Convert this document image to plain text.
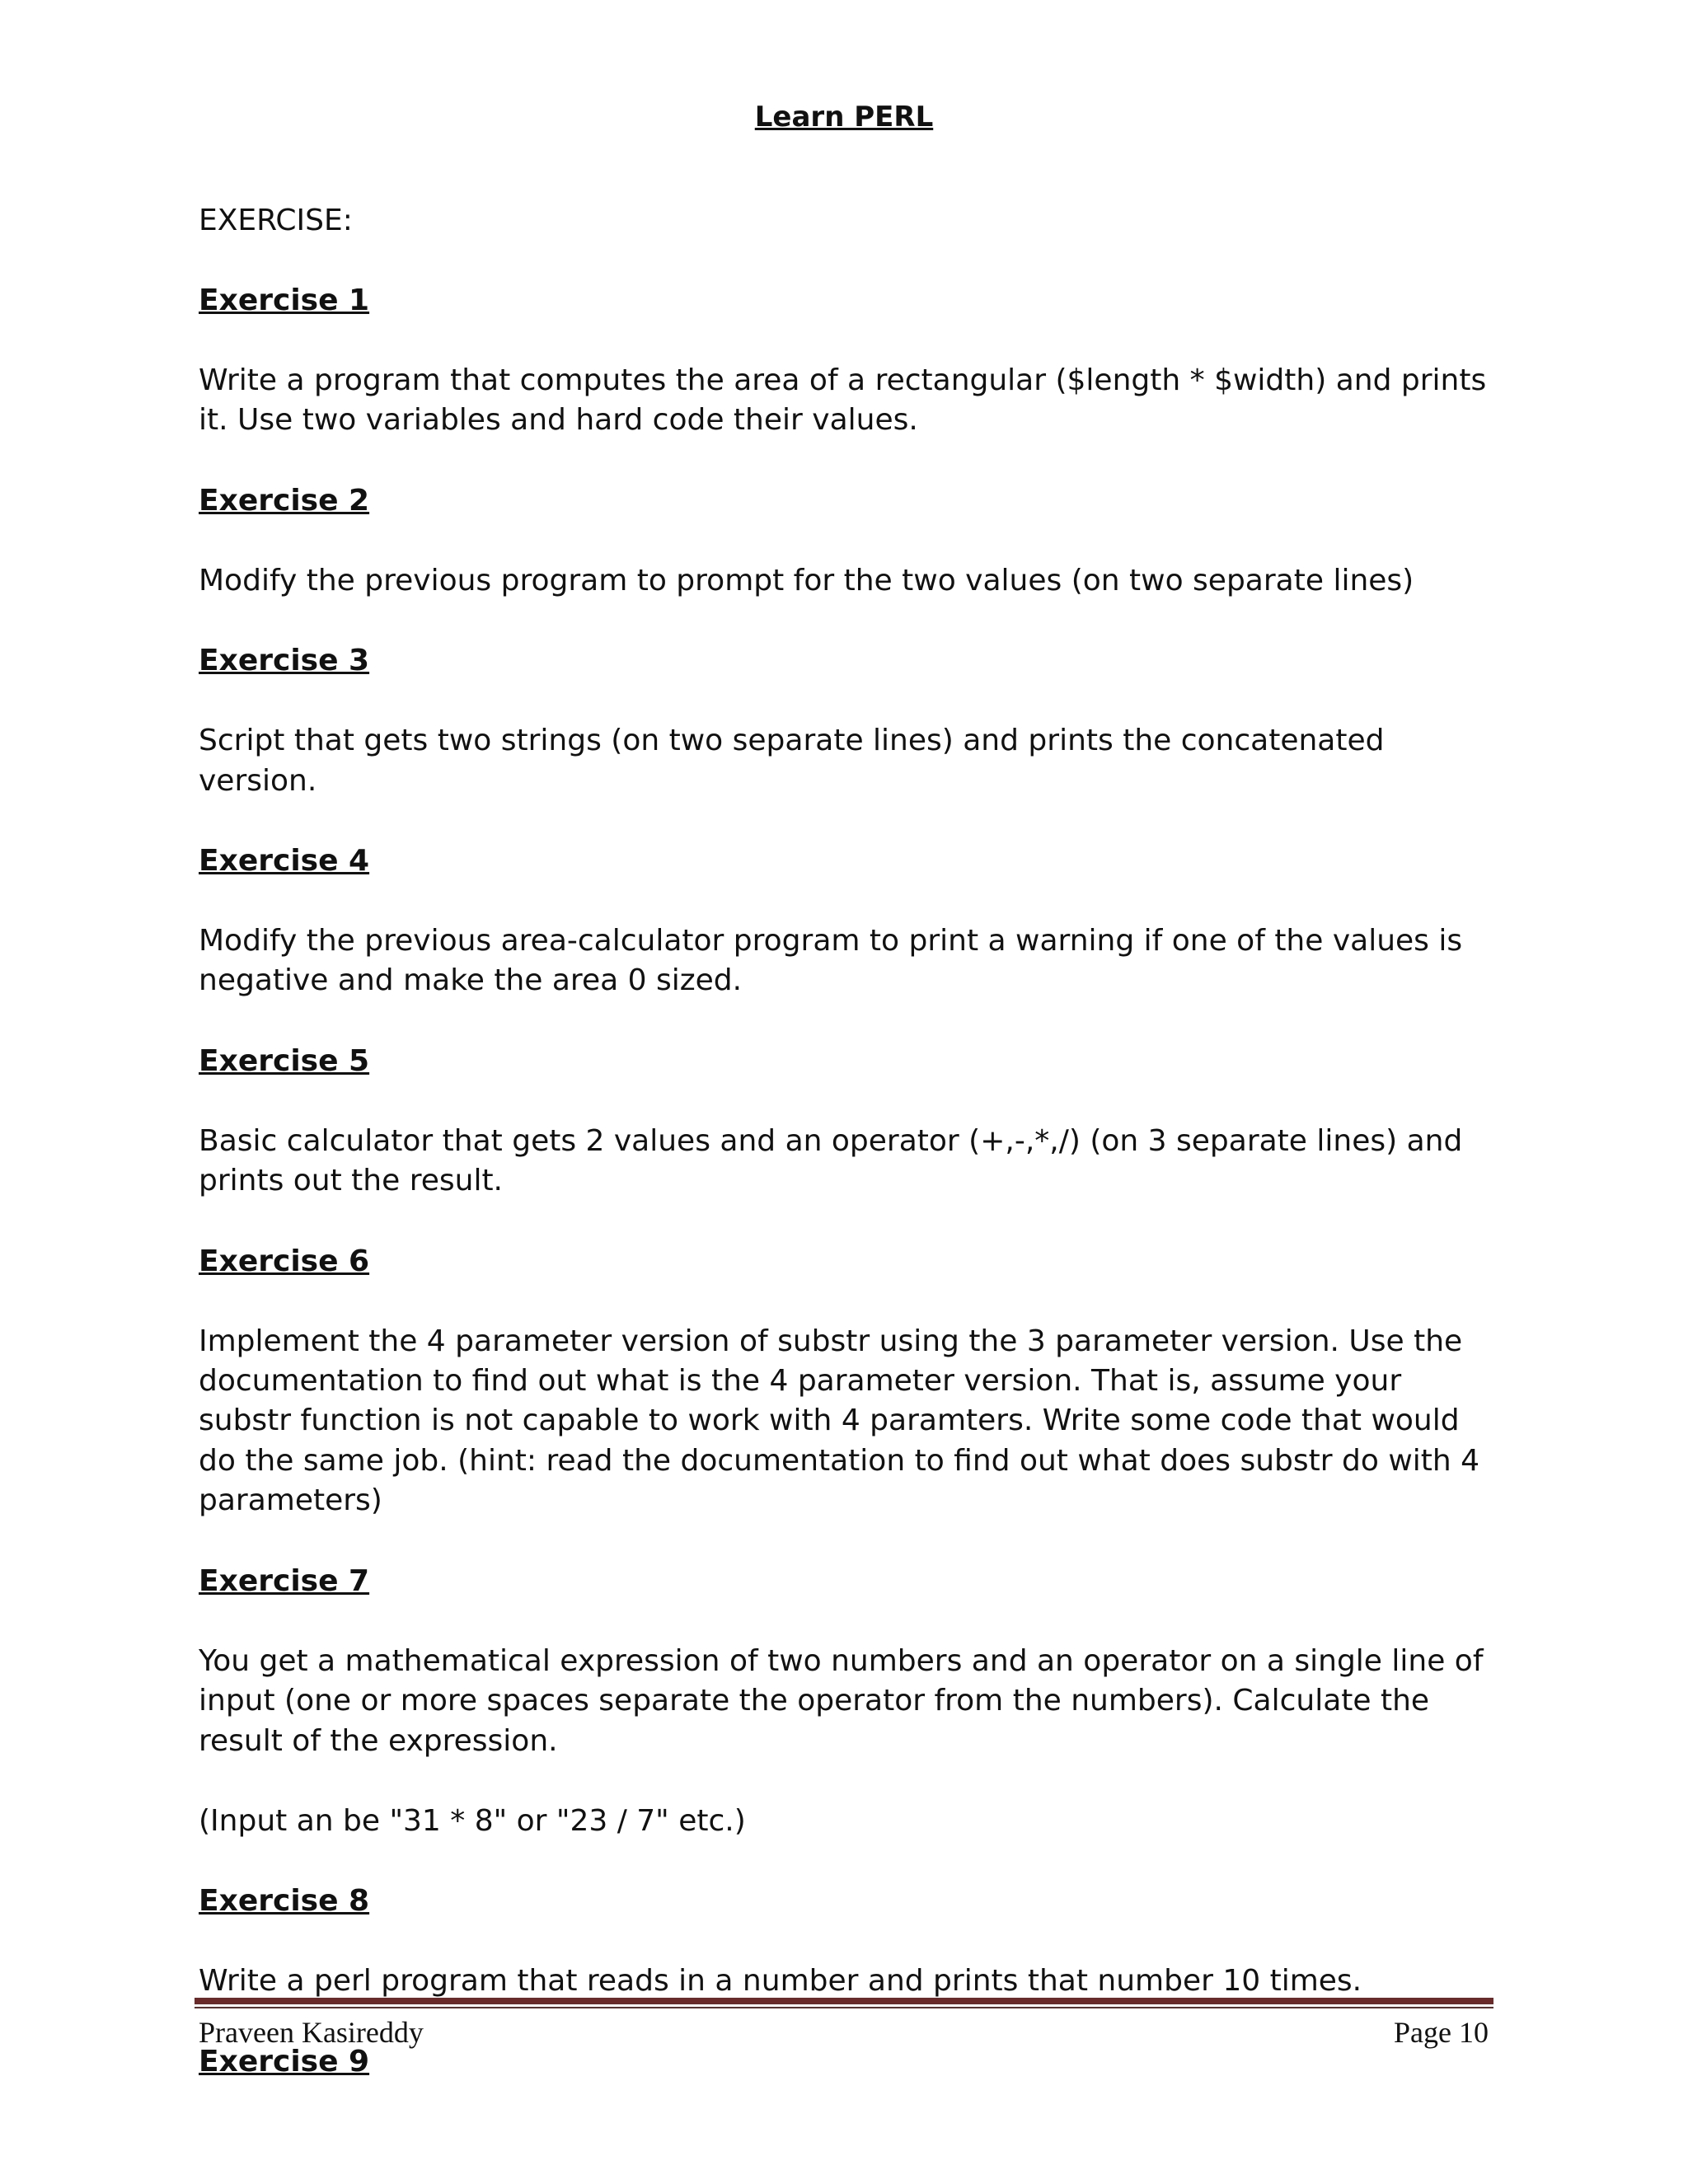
Learn PERL
EXERCISE:
Exercise 1
Write a program that computes the area of a rectangular ($length * $width) and prints it. Use two variables and hard code their values.
Exercise 2
Modify the previous program to prompt for the two values (on two separate lines)
Exercise 3
Script that gets two strings (on two separate lines) and prints the concatenated version.
Exercise 4
Modify the previous area-calculator program to print a warning if one of the values is negative and make the area 0 sized.
Exercise 5
Basic calculator that gets 2 values and an operator (+,-,*,/) (on 3 separate lines) and prints out the result.
Exercise 6
Implement the 4 parameter version of substr using the 3 parameter version. Use the documentation to find out what is the 4 parameter version. That is, assume your substr function is not capable to work with 4 paramters. Write some code that would do the same job. (hint: read the documentation to find out what does substr do with 4 parameters)
Exercise 7
You get a mathematical expression of two numbers and an operator on a single line of input (one or more spaces separate the operator from the numbers). Calculate the result of the expression.
(Input an be "31 * 8" or "23 / 7" etc.)
Exercise 8
Write a perl program that reads in a number and prints that number 10 times.
Exercise 9
Praveen Kasireddy	Page 10
